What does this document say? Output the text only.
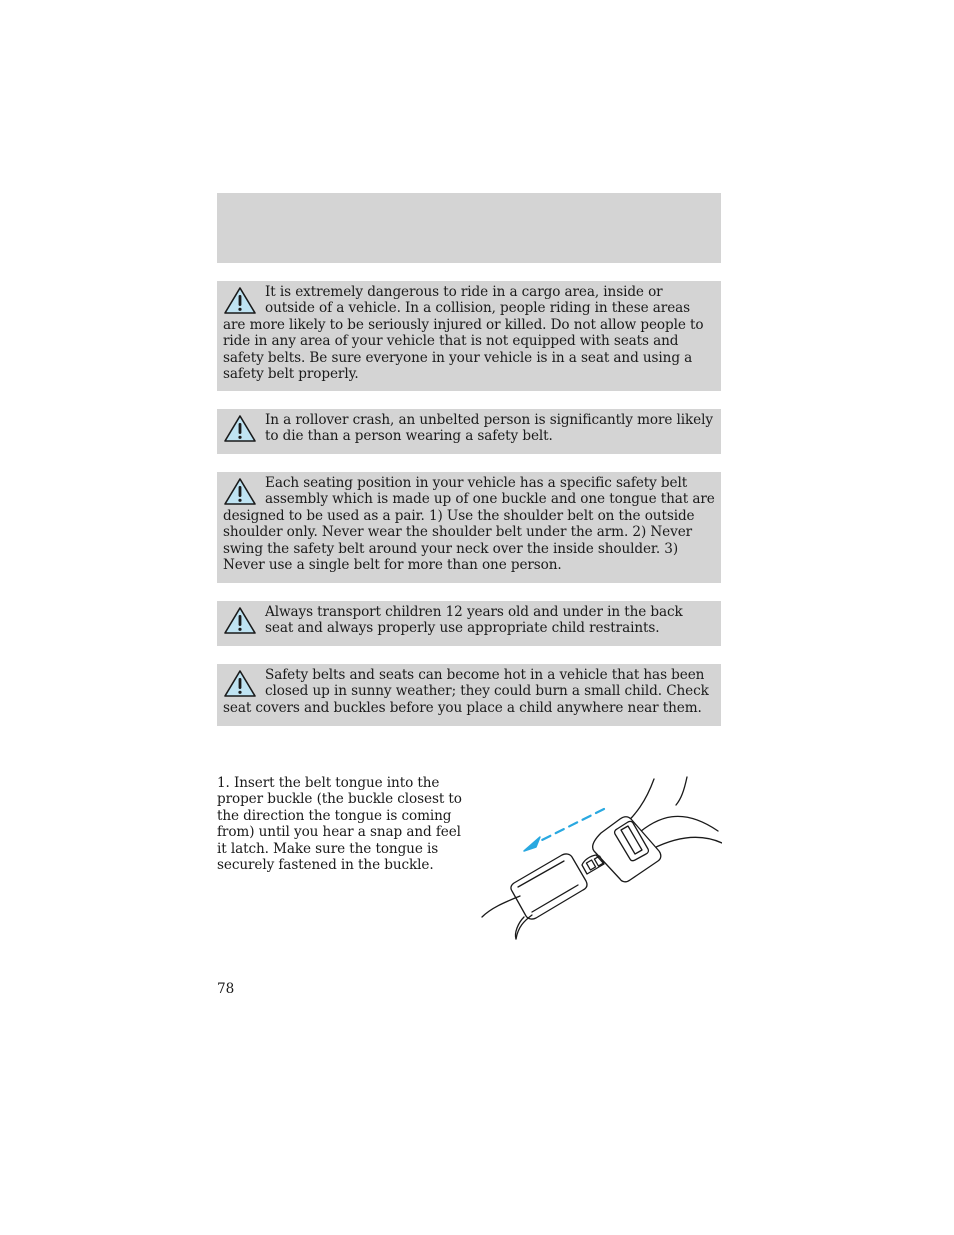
It is extremely dangerous to ride in a cargo area, inside or outside of a vehicle. In a collision, people riding in these areas are more likely to be seriously injured or killed. Do not allow people to ride in any area of your vehicle that is not equipped with seats and safety belts. Be sure everyone in your vehicle is in a seat and using a safety belt properly.

In a rollover crash, an unbelted person is significantly more likely to die than a person wearing a safety belt.

Each seating position in your vehicle has a specific safety belt assembly which is made up of one buckle and one tongue that are designed to be used as a pair. 1) Use the shoulder belt on the outside shoulder only. Never wear the shoulder belt under the arm. 2) Never swing the safety belt around your neck over the inside shoulder. 3) Never use a single belt for more than one person.

Always transport children 12 years old and under in the back seat and always properly use appropriate child restraints.

Safety belts and seats can become hot in a vehicle that has been closed up in sunny weather; they could burn a small child. Check seat covers and buckles before you place a child anywhere near them.

1. Insert the belt tongue into the proper buckle (the buckle closest to the direction the tongue is coming from) until you hear a snap and feel it latch. Make sure the tongue is securely fastened in the buckle.

78
